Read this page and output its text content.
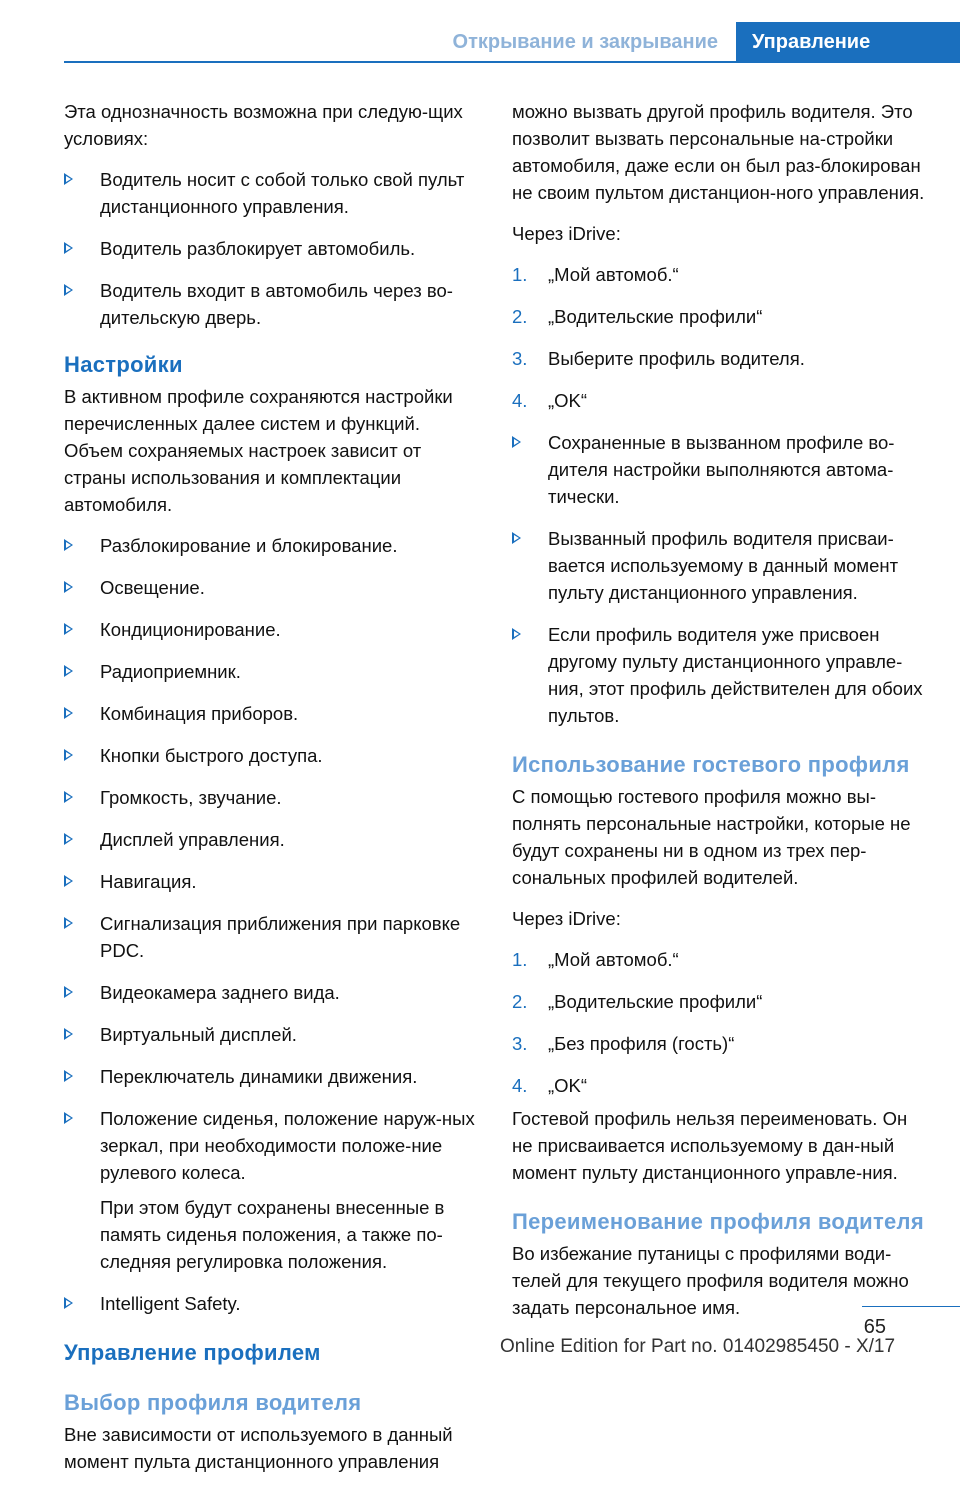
Открывание и закрывание	Управление

Эта однозначность возможна при следую-щих условиях:

Водитель носит с собой только свой пульт дистанционного управления.
Водитель разблокирует автомобиль.
Водитель входит в автомобиль через во-дительскую дверь.
Настройки

В активном профиле сохраняются настройки перечисленных далее систем и функций. Объем сохраняемых настроек зависит от страны использования и комплектации автомобиля.

Разблокирование и блокирование.
Освещение.
Кондиционирование.
Радиоприемник.
Комбинация приборов.
Кнопки быстрого доступа.
Громкость, звучание.
Дисплей управления.
Навигация.
Сигнализация приближения при парковке PDC.
Видеокамера заднего вида.
Виртуальный дисплей.
Переключатель динамики движения.
Положение сиденья, положение наруж-ных зеркал, при необходимости положе-ние рулевого колеса.
При этом будут сохранены внесенные в память сиденья положения, а также по-следняя регулировка положения.
Intelligent Safety.
Управление профилем
Выбор профиля водителя

Вне зависимости от используемого в данный момент пульта дистанционного управления

можно вызвать другой профиль водителя. Это позволит вызвать персональные на-стройки автомобиля, даже если он был раз-блокирован не своим пультом дистанцион-ного управления.

Через iDrive:

1. „Мой автомоб.“
2. „Водительские профили“
3. Выберите профиль водителя.
4. „OK“
Сохраненные в вызванном профиле во-дителя настройки выполняются автома-тически.
Вызванный профиль водителя присваи-вается используемому в данный момент пульту дистанционного управления.
Если профиль водителя уже присвоен другому пульту дистанционного управле-ния, этот профиль действителен для обоих пультов.
Использование гостевого профиля

С помощью гостевого профиля можно вы-полнять персональные настройки, которые не будут сохранены ни в одном из трех пер-сональных профилей водителей.

Через iDrive:

1. „Мой автомоб.“
2. „Водительские профили“
3. „Без профиля (гость)“
4. „OK“

Гостевой профиль нельзя переименовать. Он не присваивается используемому в дан-ный момент пульту дистанционного управле-ния.

Переименование профиля водителя

Во избежание путаницы с профилями води-телей для текущего профиля водителя можно задать персональное имя.

65
Online Edition for Part no. 01402985450 - X/17
